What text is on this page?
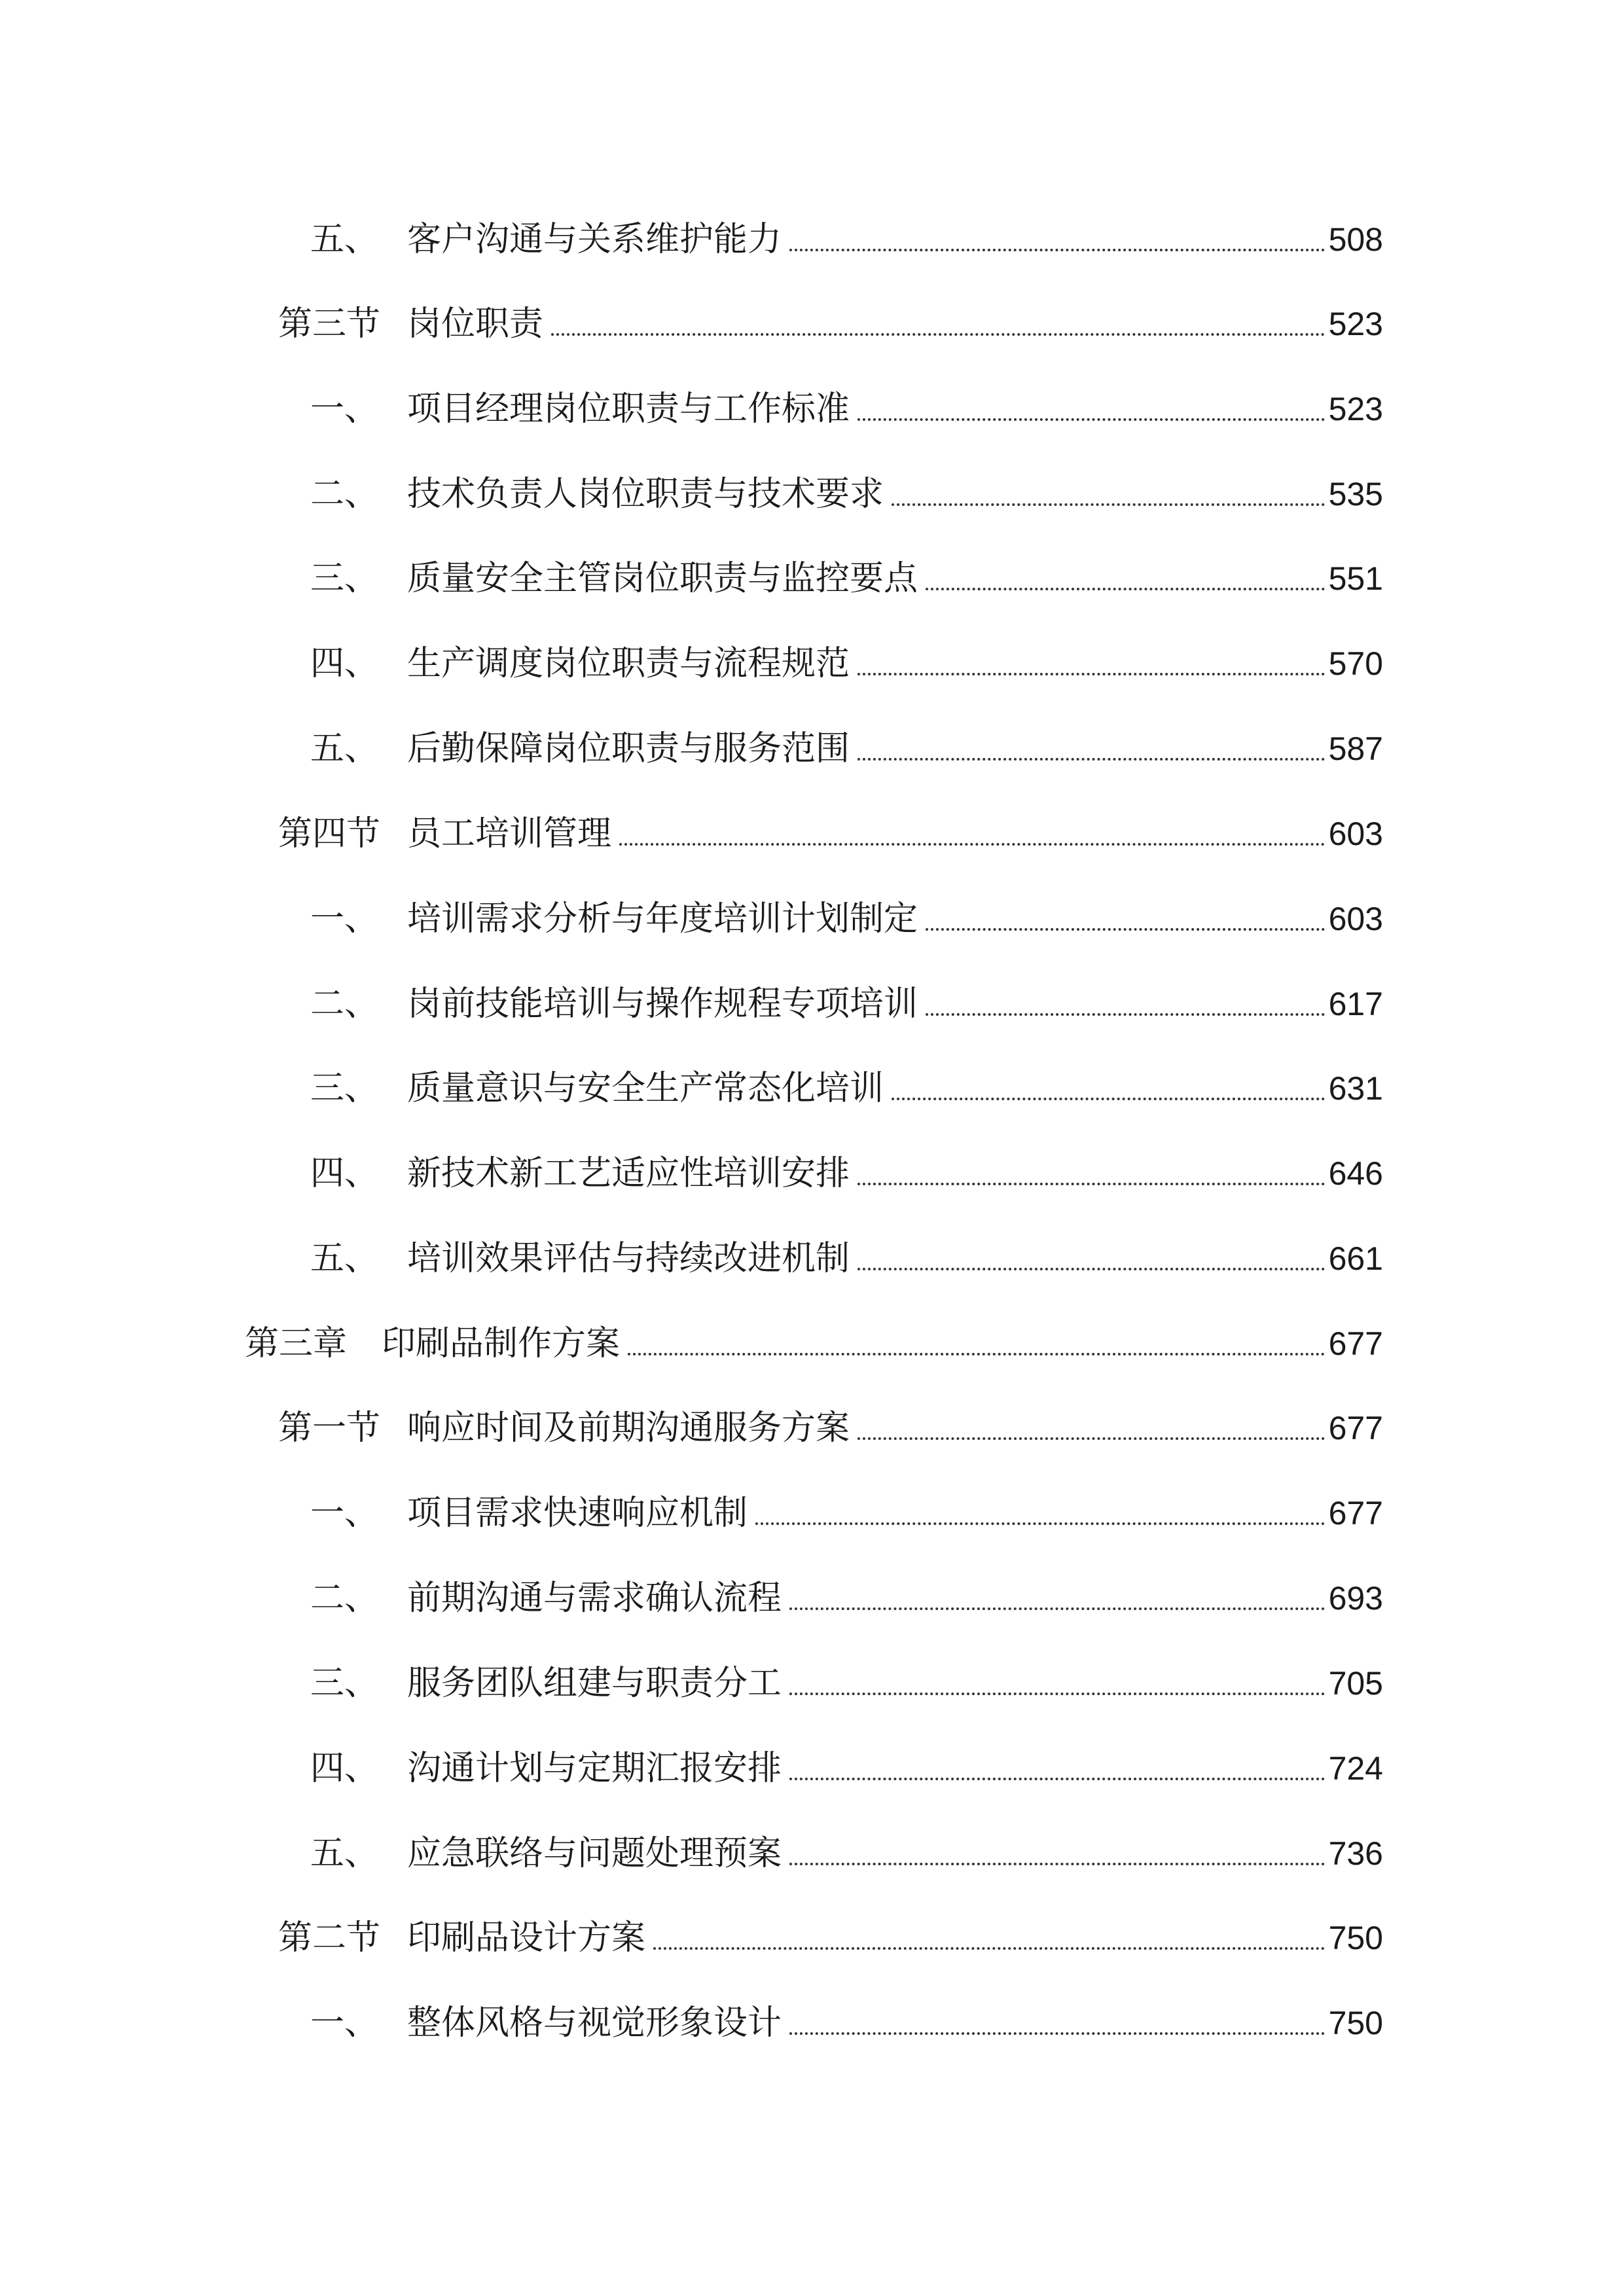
五、 客户沟通与关系维护能力	508
第三节 岗位职责	523
一、 项目经理岗位职责与工作标准	523
二、 技术负责人岗位职责与技术要求	535
三、 质量安全主管岗位职责与监控要点	551
四、 生产调度岗位职责与流程规范	570
五、 后勤保障岗位职责与服务范围	587
第四节 员工培训管理	603
一、 培训需求分析与年度培训计划制定	603
二、 岗前技能培训与操作规程专项培训	617
三、 质量意识与安全生产常态化培训	631
四、 新技术新工艺适应性培训安排	646
五、 培训效果评估与持续改进机制	661
第三章	印刷品制作方案	677
第一节 响应时间及前期沟通服务方案	677
一、 项目需求快速响应机制	677
二、 前期沟通与需求确认流程	693
三、 服务团队组建与职责分工	705
四、 沟通计划与定期汇报安排	724
五、 应急联络与问题处理预案	736
第二节 印刷品设计方案	750
一、 整体风格与视觉形象设计	750
